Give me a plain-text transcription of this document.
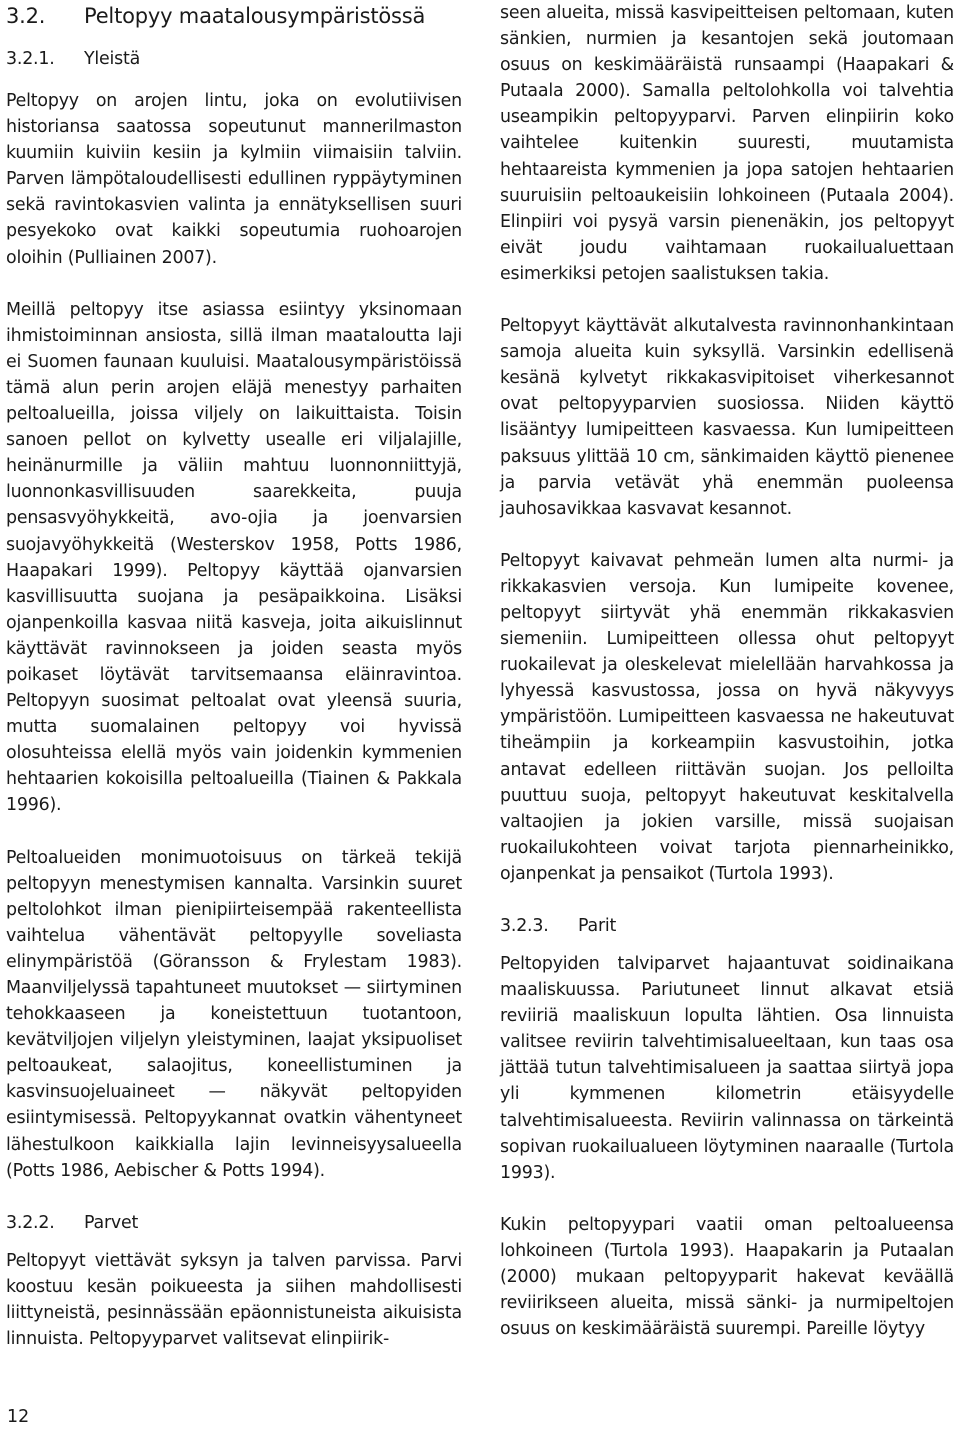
3.2.	Peltopyy maatalousympäristössä
3.2.1.	Yleistä

Peltopyy on arojen lintu, joka on evolutiivisen historiansa saatossa sopeutunut mannerilmaston kuumiin kuiviin kesiin ja kylmiin viimaisiin talviin. Parven lämpötaloudellisesti edullinen ryppäytyminen sekä ravintokasvien valinta ja ennätyksellisen suuri pesyekoko ovat kaikki sopeutumia ruohoarojen oloihin (Pulliainen 2007).

Meillä peltopyy itse asiassa esiintyy yksinomaan ihmistoiminnan ansiosta, sillä ilman maataloutta laji ei Suomen faunaan kuuluisi. Maatalousympäristöissä tämä alun perin arojen eläjä menestyy parhaiten peltoalueilla, joissa viljely on laikuittaista. Toisin sanoen pellot on kylvetty usealle eri viljalajille, heinänurmille ja väliin mahtuu luonnonniittyjä, luonnonkasvillisuuden saarekkeita, puuja pensasvyöhykkeitä, avo-ojia ja joenvarsien suojavyöhykkeitä (Westerskov 1958, Potts 1986, Haapakari 1999). Peltopyy käyttää ojanvarsien kasvillisuutta suojana ja pesäpaikkoina. Lisäksi ojanpenkoilla kasvaa niitä kasveja, joita aikuislinnut käyttävät ravinnokseen ja joiden seasta myös poikaset löytävät tarvitsemaansa eläinravintoa. Peltopyyn suosimat peltoalat ovat yleensä suuria, mutta suomalainen peltopyy voi hyvissä olosuhteissa elellä myös vain joidenkin kymmenien hehtaarien kokoisilla peltoalueilla (Tiainen & Pakkala 1996).

Peltoalueiden monimuotoisuus on tärkeä tekijä peltopyyn menestymisen kannalta. Varsinkin suuret peltolohkot ilman pienipiirteisempää rakenteellista vaihtelua vähentävät peltopyylle soveliasta elinympäristöä (Göransson & Frylestam 1983). Maanviljelyssä tapahtuneet muutokset — siirtyminen tehokkaaseen ja koneistettuun tuotantoon, kevätviljojen viljelyn yleistyminen, laajat yksipuoliset peltoaukeat, salaojitus, koneellistuminen ja kasvinsuojeluaineet — näkyvät peltopyiden esiintymisessä. Peltopyykannat ovatkin vähentyneet lähestulkoon kaikkialla lajin levinneisyysalueella (Potts 1986, Aebischer & Potts 1994).

3.2.2.	Parvet

Peltopyyt viettävät syksyn ja talven parvissa. Parvi koostuu kesän poikueesta ja siihen mahdollisesti liittyneistä, pesinnässään epäonnistuneista aikuisista linnuista. Peltopyyparvet valitsevat elinpiirik-

seen alueita, missä kasvipeitteisen peltomaan, kuten sänkien, nurmien ja kesantojen sekä joutomaan osuus on keskimääräistä runsaampi (Haapakari & Putaala 2000). Samalla peltolohkolla voi talvehtia useampikin peltopyyparvi. Parven elinpiirin koko vaihtelee kuitenkin suuresti, muutamista hehtaareista kymmenien ja jopa satojen hehtaarien suuruisiin peltoaukeisiin lohkoineen (Putaala 2004). Elinpiiri voi pysyä varsin pienenäkin, jos peltopyyt eivät joudu vaihtamaan ruokailualuettaan esimerkiksi petojen saalistuksen takia.

Peltopyyt käyttävät alkutalvesta ravinnonhankintaan samoja alueita kuin syksyllä. Varsinkin edellisenä kesänä kylvetyt rikkakasvipitoiset viherkesannot ovat peltopyyparvien suosiossa. Niiden käyttö lisääntyy lumipeitteen kasvaessa. Kun lumipeitteen paksuus ylittää 10 cm, sänkimaiden käyttö pienenee ja parvia vetävät yhä enemmän puoleensa jauhosavikkaa kasvavat kesannot.

Peltopyyt kaivavat pehmeän lumen alta nurmi- ja rikkakasvien versoja. Kun lumipeite kovenee, peltopyyt siirtyvät yhä enemmän rikkakasvien siemeniin. Lumipeitteen ollessa ohut peltopyyt ruokailevat ja oleskelevat mielellään harvahkossa ja lyhyessä kasvustossa, jossa on hyvä näkyvyys ympäristöön. Lumipeitteen kasvaessa ne hakeutuvat tiheämpiin ja korkeampiin kasvustoihin, jotka antavat edelleen riittävän suojan. Jos pelloilta puuttuu suoja, peltopyyt hakeutuvat keskitalvella valtaojien ja jokien varsille, missä suojaisan ruokailukohteen voivat tarjota piennarheinikko, ojanpenkat ja pensaikot (Turtola 1993).

3.2.3.	Parit

Peltopyiden talviparvet hajaantuvat soidinaikana maaliskuussa. Pariutuneet linnut alkavat etsiä reviiriä maaliskuun lopulta lähtien. Osa linnuista valitsee reviirin talvehtimisalueeltaan, kun taas osa jättää tutun talvehtimisalueen ja saattaa siirtyä jopa yli kymmenen kilometrin etäisyydelle talvehtimisalueesta. Reviirin valinnassa on tärkeintä sopivan ruokailualueen löytyminen naaraalle (Turtola 1993).

Kukin peltopyypari vaatii oman peltoalueensa lohkoineen (Turtola 1993). Haapakarin ja Putaalan (2000) mukaan peltopyyparit hakevat keväällä reviirikseen alueita, missä sänki- ja nurmipeltojen osuus on keskimääräistä suurempi. Pareille löytyy

12
